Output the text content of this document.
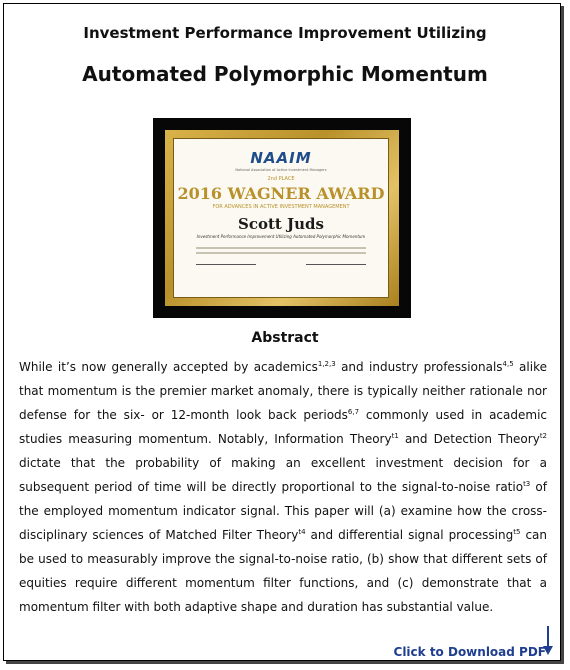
Investment Performance Improvement Utilizing
Automated Polymorphic Momentum
NAAIM
National Association of Active Investment Managers
2nd PLACE
2016 WAGNER AWARD
FOR ADVANCES IN ACTIVE INVESTMENT MANAGEMENT
Scott Juds
Investment Performance Improvement Utilizing Automated Polymorphic Momentum
Abstract
While it’s now generally accepted by academics$^{1,2,3}$ and industry professionals$^{4,5}$ alike that momentum is the premier market anomaly, there is typically neither rationale nor defense for the six- or 12-month look back periods$^{6,7}$ commonly used in academic studies measuring momentum. Notably, Information Theory$^{t1}$ and Detection Theory$^{t2}$ dictate that the probability of making an excellent investment decision for a subsequent period of time will be directly proportional to the signal-to-noise ratio$^{t3}$ of the employed momentum indicator signal. This paper will (a) examine how the cross-disciplinary sciences of Matched Filter Theory$^{t4}$ and differential signal processing$^{t5}$ can be used to measurably improve the signal-to-noise ratio, (b) show that different sets of equities require different momentum filter functions, and (c) demonstrate that a momentum filter with both adaptive shape and duration has substantial value.
Click to Download PDF
